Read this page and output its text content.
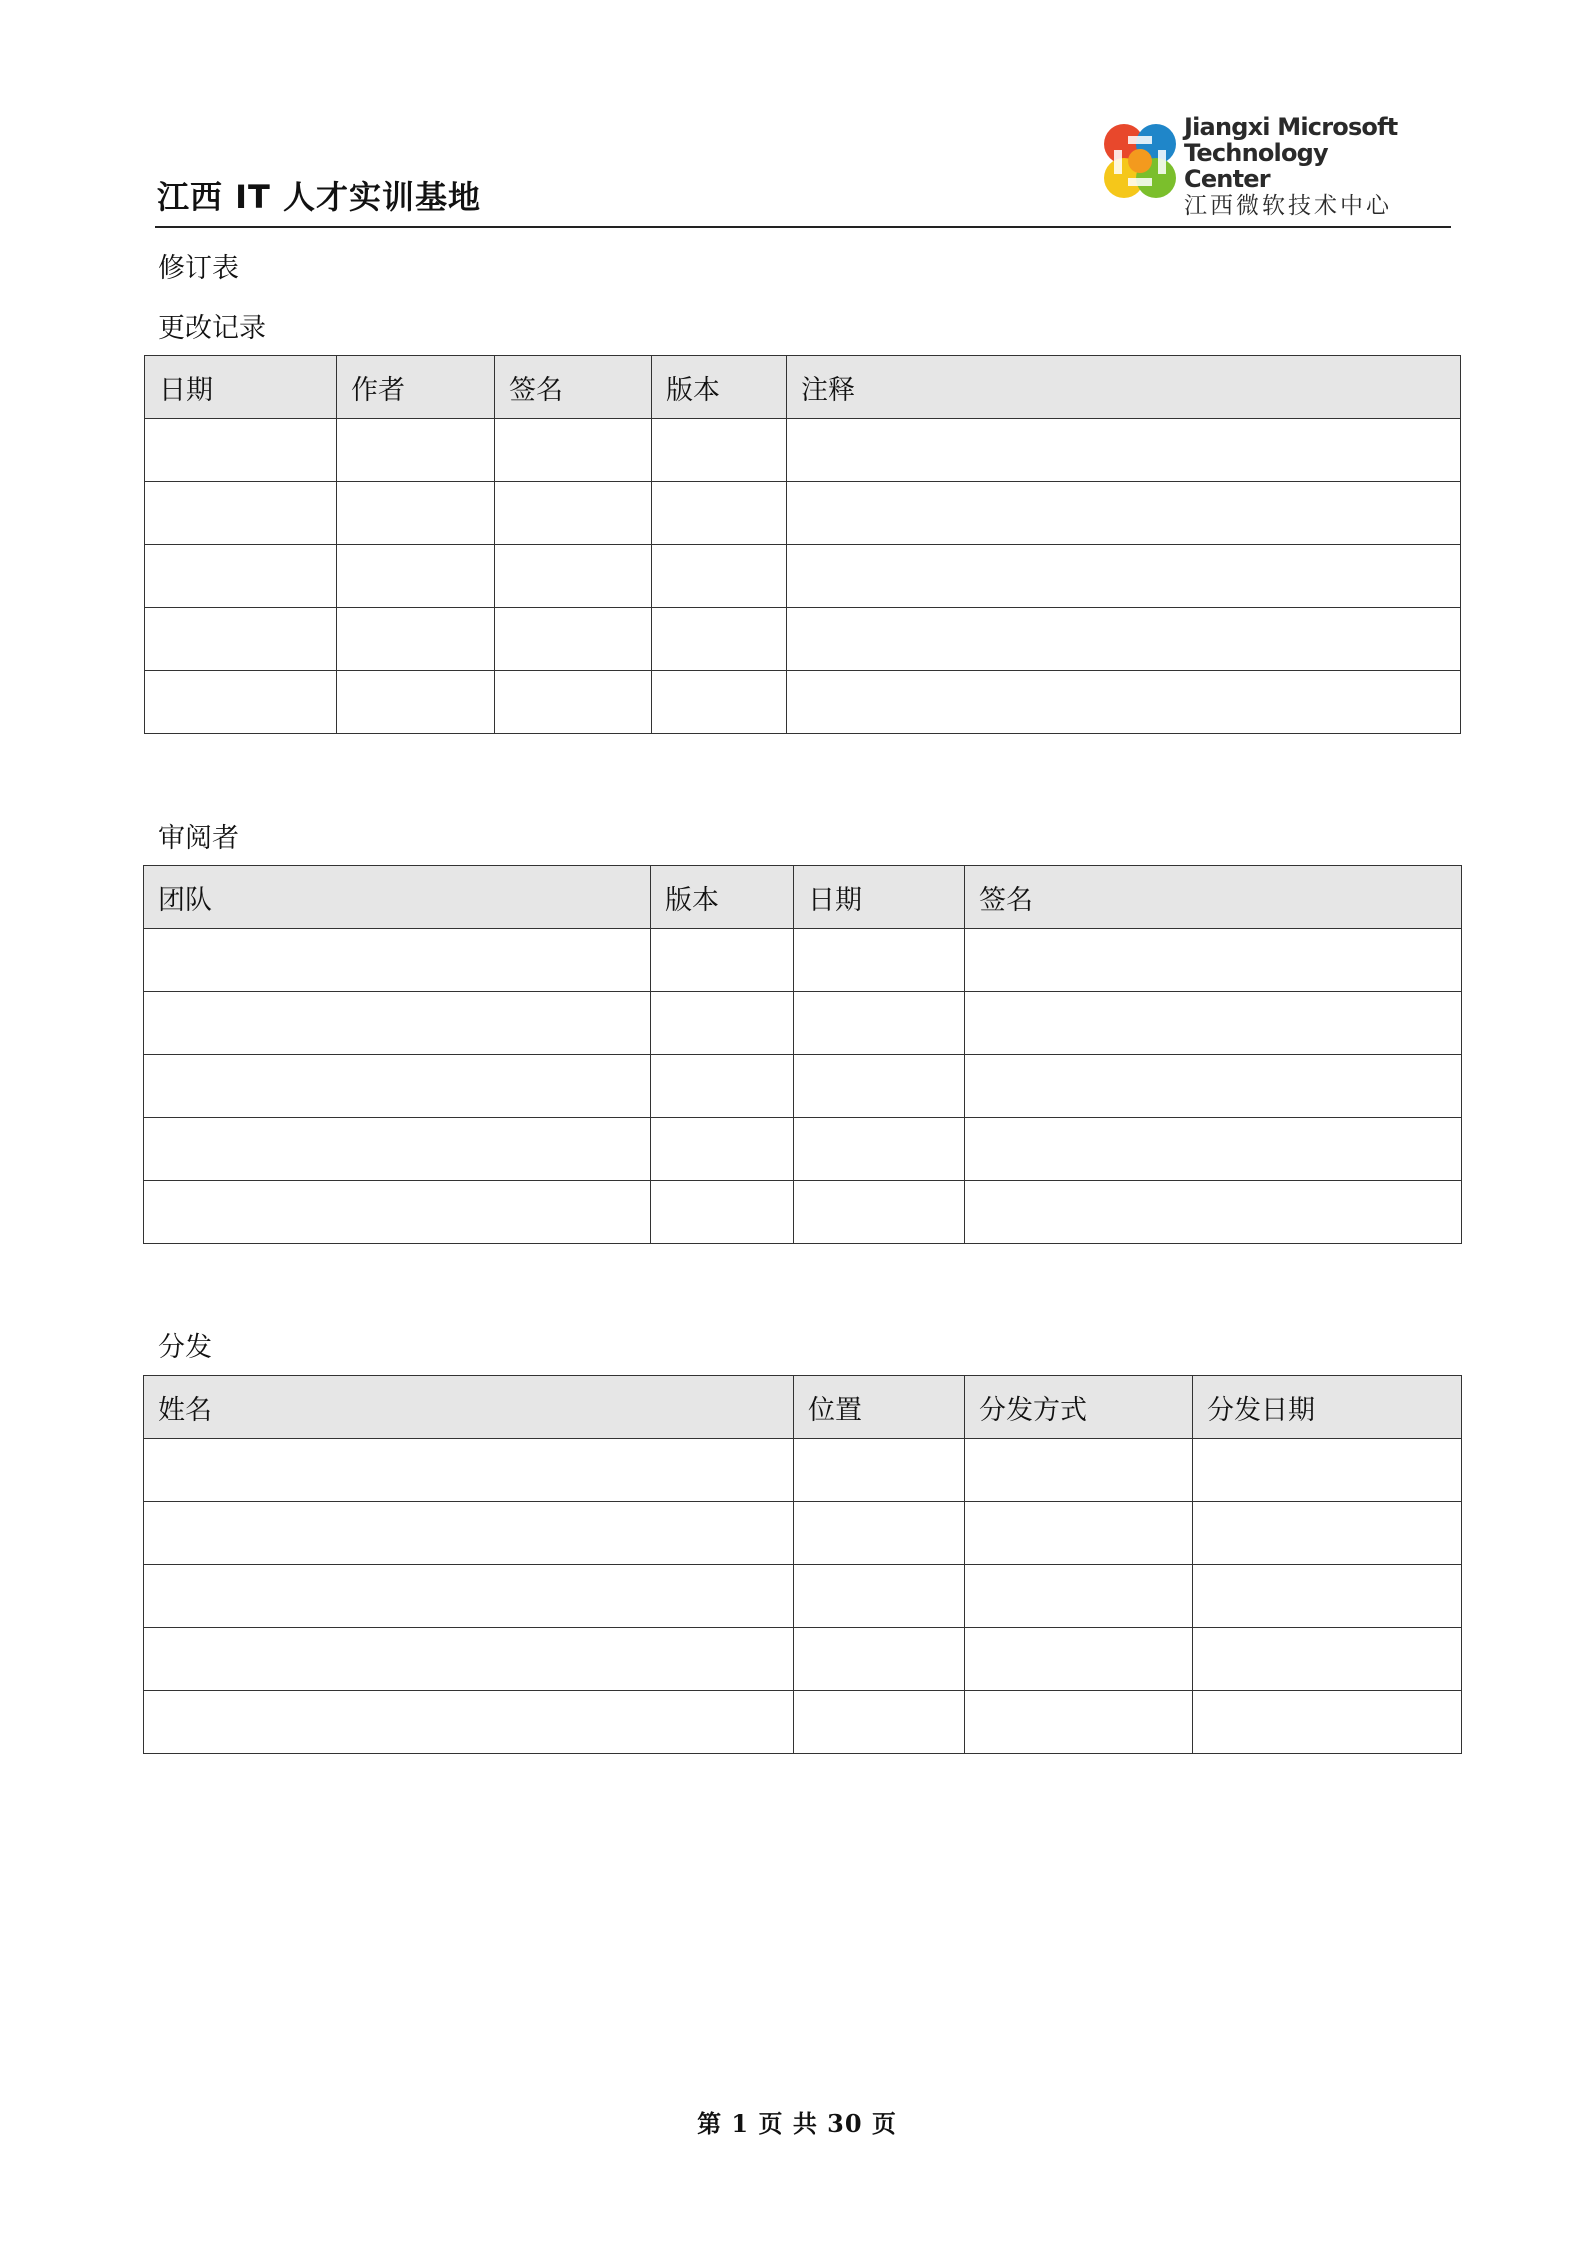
江西 IT 人才实训基地
Jiangxi Microsoft
Technology Center
江西微软技术中心
修订表
更改记录
日期	作者	签名	版本	注释

审阅者
团队	版本	日期	签名

分发
姓名	位置	分发方式	分发日期

第 1 页 共 30 页
